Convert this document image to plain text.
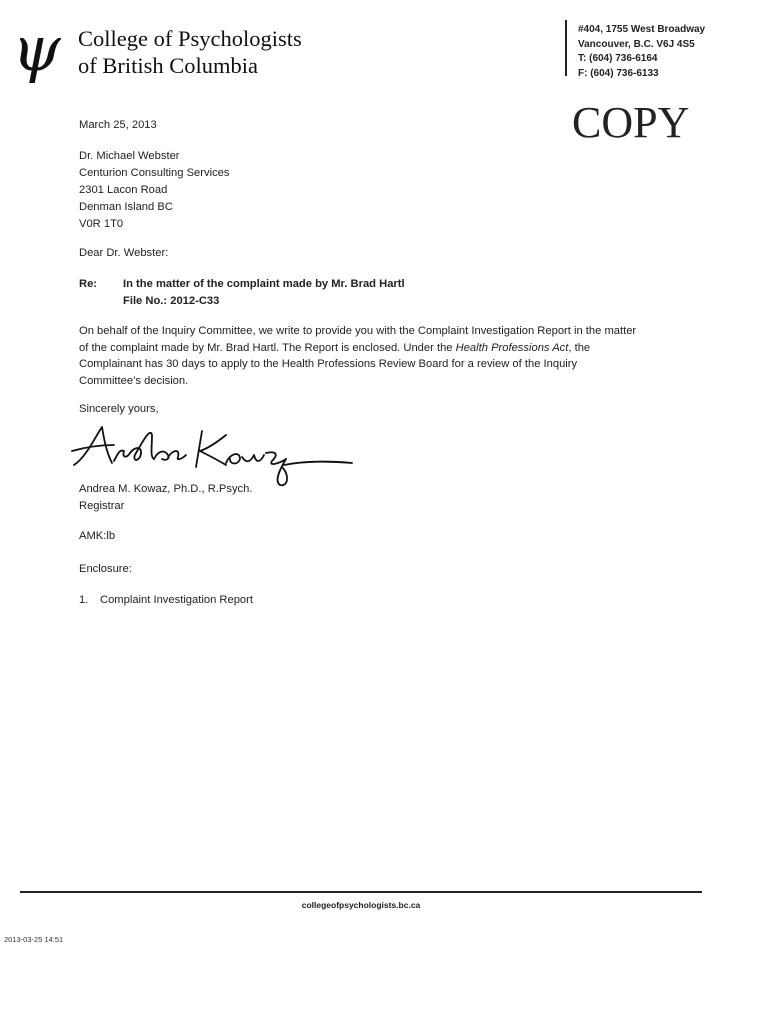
ψ College of Psychologists
of British Columbia
#404, 1755 West Broadway
Vancouver, B.C. V6J 4S5
T: (604) 736-6164
F: (604) 736-6133
COPY
March 25, 2013
Dr. Michael Webster
Centurion Consulting Services
2301 Lacon Road
Denman Island BC
V0R 1T0
Dear Dr. Webster:
Re: In the matter of the complaint made by Mr. Brad Hartl
File No.: 2012-C33
On behalf of the Inquiry Committee, we write to provide you with the Complaint Investigation Report in the matter of the complaint made by Mr. Brad Hartl. The Report is enclosed. Under the Health Professions Act, the Complainant has 30 days to apply to the Health Professions Review Board for a review of the Inquiry Committee’s decision.
Sincerely yours,
Andrea M. Kowaz, Ph.D., R.Psych.
Registrar
AMK:lb
Enclosure:
1. Complaint Investigation Report
collegeofpsychologists.bc.ca
2013-03-25 14:51
